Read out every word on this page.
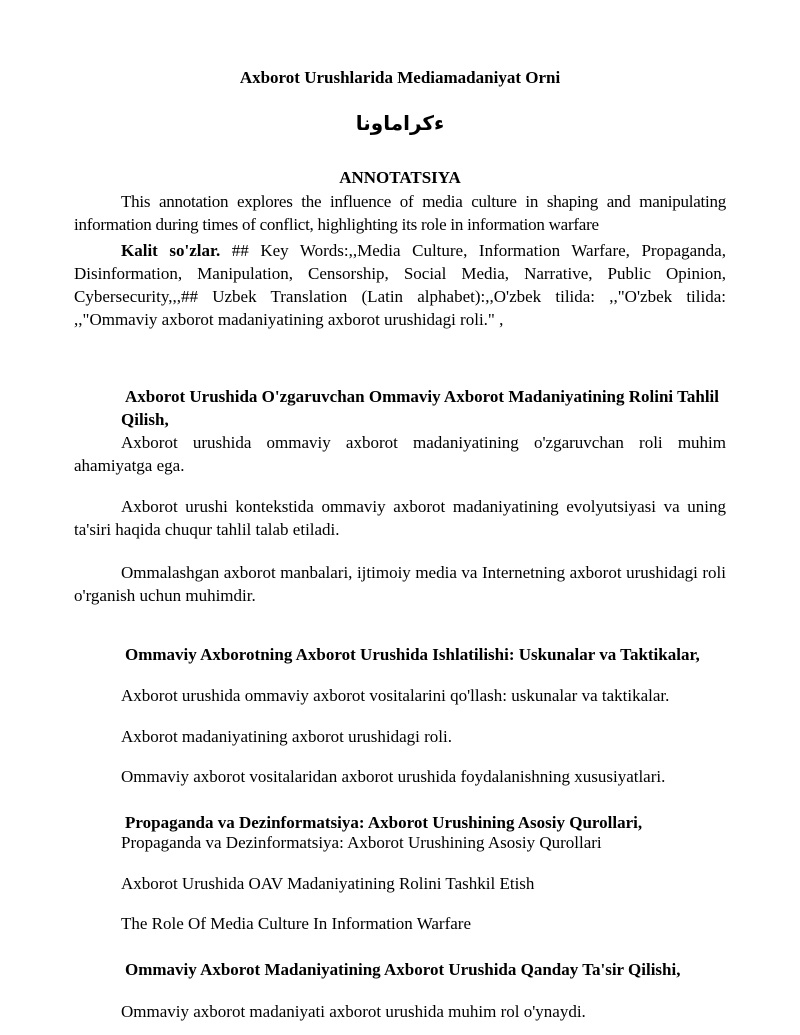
Axborot Urushlarida Mediamadaniyat Orni
ءكراماونا
ANNOTATSIYA

This annotation explores the influence of media culture in shaping and manipulating information during times of conflict, highlighting its role in information warfare

Kalit so'zlar. ## Key Words:,,Media Culture, Information Warfare, Propaganda, Disinformation, Manipulation, Censorship, Social Media, Narrative, Public Opinion, Cybersecurity,,,## Uzbek Translation (Latin alphabet):,,O'zbek tilida: ,,"O'zbek tilida: ,,"Ommaviy axborot madaniyatining axborot urushidagi roli." ,

Axborot Urushida O'zgaruvchan Ommaviy Axborot Madaniyatining Rolini Tahlil Qilish,

Axborot urushida ommaviy axborot madaniyatining o'zgaruvchan roli muhim ahamiyatga ega.

Axborot urushi kontekstida ommaviy axborot madaniyatining evolyutsiyasi va uning ta'siri haqida chuqur tahlil talab etiladi.

Ommalashgan axborot manbalari, ijtimoiy media va Internetning axborot urushidagi roli o'rganish uchun muhimdir.

Ommaviy Axborotning Axborot Urushida Ishlatilishi: Uskunalar va Taktikalar,
Axborot urushida ommaviy axborot vositalarini qo'llash: uskunalar va taktikalar.
Axborot madaniyatining axborot urushidagi roli.
Ommaviy axborot vositalaridan axborot urushida foydalanishning xususiyatlari.
Propaganda va Dezinformatsiya: Axborot Urushining Asosiy Qurollari,
Propaganda va Dezinformatsiya: Axborot Urushining Asosiy Qurollari
Axborot Urushida OAV Madaniyatining Rolini Tashkil Etish
The Role Of Media Culture In Information Warfare
Ommaviy Axborot Madaniyatining Axborot Urushida Qanday Ta'sir Qilishi,
Ommaviy axborot madaniyati axborot urushida muhim rol o'ynaydi.
